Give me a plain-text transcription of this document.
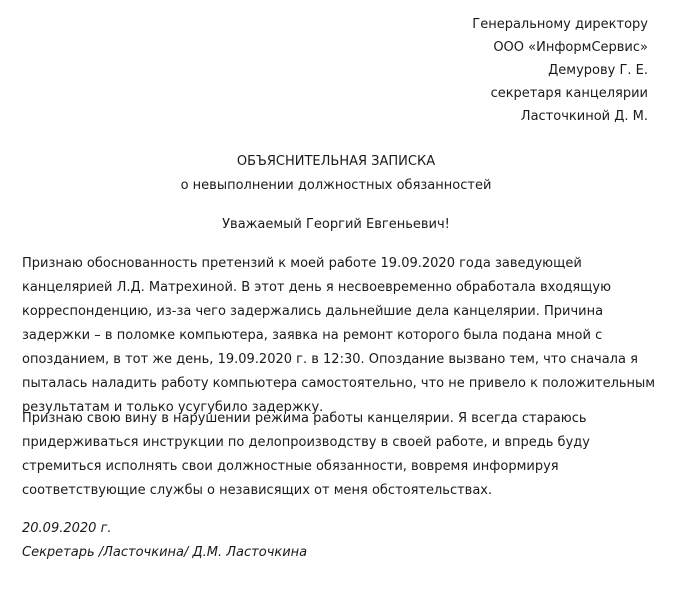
Генеральному директору
ООО «ИнформСервис»
Демурову Г. Е.
секретаря канцелярии
Ласточкиной Д. М.
ОБЪЯСНИТЕЛЬНАЯ ЗАПИСКА
о невыполнении должностных обязанностей
Уважаемый Георгий Евгеньевич!
Признаю обоснованность претензий к моей работе 19.09.2020 года заведующей канцелярией Л.Д. Матрехиной. В этот день я несвоевременно обработала входящую корреспонденцию, из-за чего задержались дальнейшие дела канцелярии. Причина задержки – в поломке компьютера, заявка на ремонт которого была подана мной с опозданием, в тот же день, 19.09.2020 г. в 12:30. Опоздание вызвано тем, что сначала я пыталась наладить работу компьютера самостоятельно, что не привело к положительным результатам и только усугубило задержку.
Признаю свою вину в нарушении режима работы канцелярии. Я всегда стараюсь придерживаться инструкции по делопроизводству в своей работе, и впредь буду стремиться исполнять свои должностные обязанности, вовремя информируя соответствующие службы о независящих от меня обстоятельствах.
20.09.2020 г.
Секретарь /Ласточкина/ Д.М. Ласточкина
